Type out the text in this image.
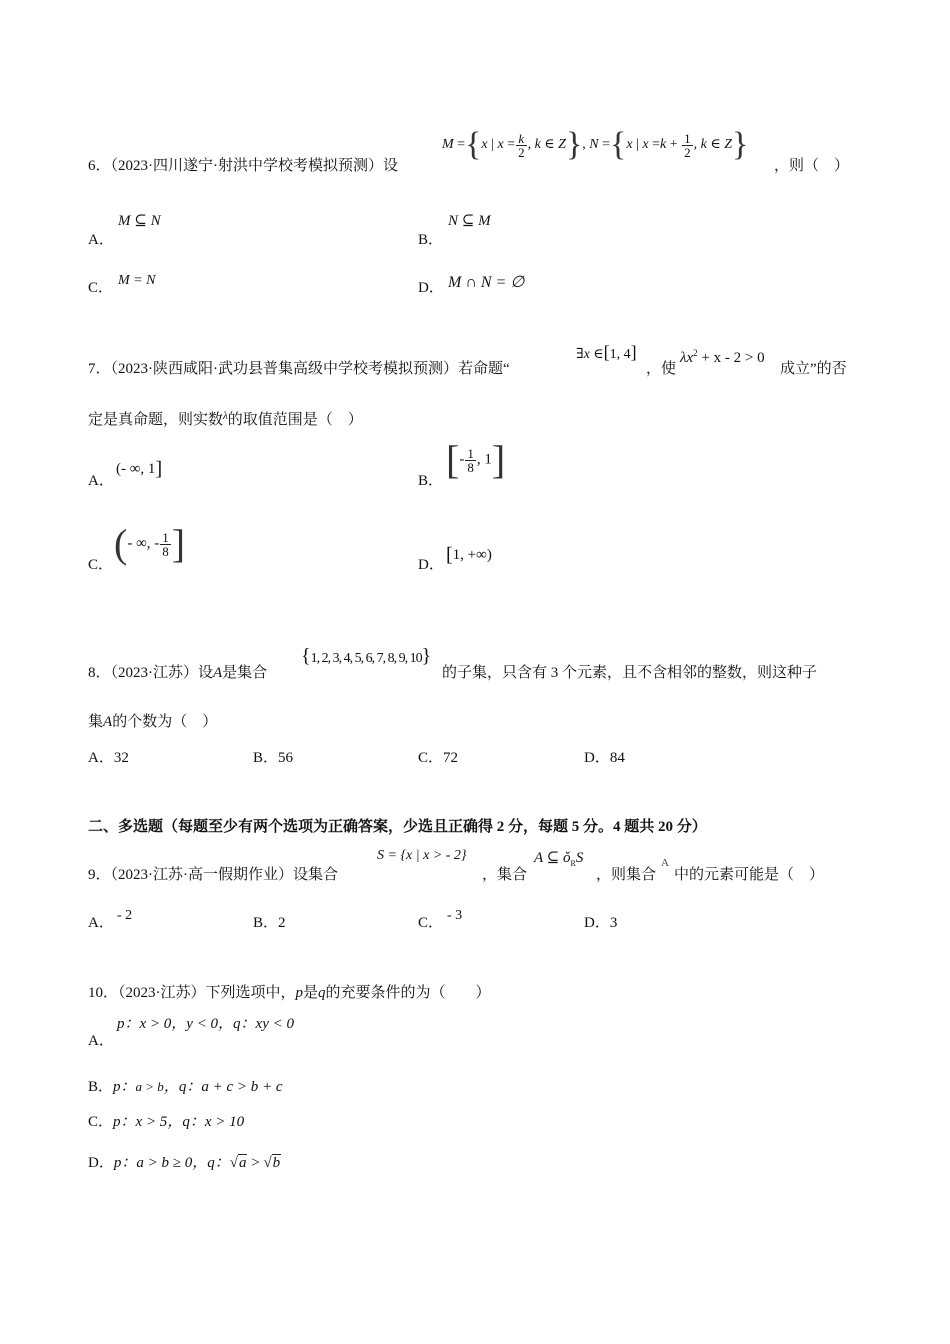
6．（2023·四川遂宁·射洪中学校考模拟预测）设
M ={x | $x = \frac{k}{2}$ , k ∈ Z}, N ={x | $x =k + \frac{1}{2}$ , k ∈ Z}
，则（　）
A．
M ⊆ N
B．
N ⊆ M
C． M = N	D． M ∩ N = ∅
7．（2023·陕西咸阳·武功县普集高级中学校考模拟预测）若命题“
∃x ∈[1, 4]
，使
$\lambda x^2 + x - 2 > 0$
成立”的否
定是真命题，则实数$^\lambda$的取值范围是（　）
A．
(- ∞, 1]
B． [- $\frac{1}{8}$ , 1]
C． (- ∞, - $\frac{1}{8}$ ]	D． [1, +∞)
8．（2023·江苏）设A是集合
{1, 2, 3, 4, 5, 6, 7, 8, 9, 10}
的子集，只含有 3 个元素，且不含相邻的整数，则这种子
集A的个数为（　）
A．32	B．56	C．72	D．84
二、多选题（每题至少有两个选项为正确答案，少选且正确得 2 分，每题 5 分。4 题共 20 分）
9．（2023·江苏·高一假期作业）设集合
S = {x | x > - 2}
，集合
A ⊆ $ǒ_RS$
，则集合
A
中的元素可能是（　）
A． - 2	B．2	C． - 3	D．3
10．（2023·江苏）下列选项中，p是q的充要条件的为（　　）
A．
p：x > 0，y < 0，q：xy < 0
B．p：a > b，q：a + c > b + c
C．p：x > 5，q：x > 10
D．p：a > b ≥ 0，q：√a > √b
